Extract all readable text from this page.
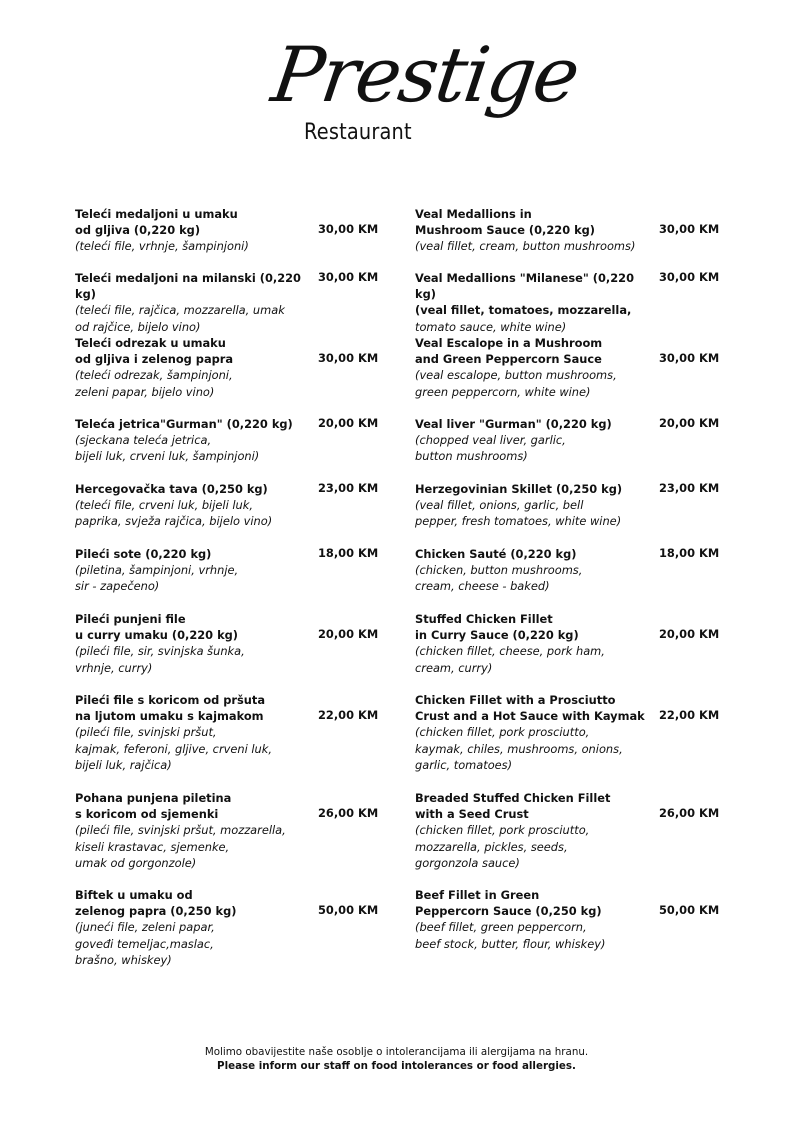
Prestige
Restaurant
Teleći medaljoni u umaku
od gljiva (0,220 kg)
(teleći file, vrhnje, šampinjoni)
30,00 KM
Teleći medaljoni na milanski (0,220 kg)
(teleći file, rajčica, mozzarella, umak
od rajčice, bijelo vino)
30,00 KM
Teleći odrezak u umaku
od gljiva i zelenog papra
(teleći odrezak, šampinjoni,
zeleni papar, bijelo vino)
30,00 KM
Teleća jetrica"Gurman" (0,220 kg)
(sjeckana teleća jetrica,
bijeli luk, crveni luk, šampinjoni)
20,00 KM
Hercegovačka tava (0,250 kg)
(teleći file, crveni luk, bijeli luk,
paprika, svježa rajčica, bijelo vino)
23,00 KM
Pileći sote (0,220 kg)
(piletina, šampinjoni, vrhnje,
sir - zapečeno)
18,00 KM
Pileći punjeni file
u curry umaku (0,220 kg)
(pileći file, sir, svinjska šunka,
vrhnje, curry)
20,00 KM
Pileći file s koricom od pršuta
na ljutom umaku s kajmakom
(pileći file, svinjski pršut,
kajmak, feferoni, gljive, crveni luk,
bijeli luk, rajčica)
22,00 KM
Pohana punjena piletina
s koricom od sjemenki
(pileći file, svinjski pršut, mozzarella,
kiseli krastavac, sjemenke,
umak od gorgonzole)
26,00 KM
Biftek u umaku od
zelenog papra (0,250 kg)
(juneći file, zeleni papar,
goveđi temeljac,maslac,
brašno, whiskey)
50,00 KM
Veal Medallions in
Mushroom Sauce (0,220 kg)
(veal fillet, cream, button mushrooms)
30,00 KM
Veal Medallions "Milanese" (0,220 kg)
(veal fillet, tomatoes, mozzarella,
tomato sauce, white wine)
30,00 KM
Veal Escalope in a Mushroom
and Green Peppercorn Sauce
(veal escalope, button mushrooms,
green peppercorn, white wine)
30,00 KM
Veal liver "Gurman" (0,220 kg)
(chopped veal liver, garlic,
button mushrooms)
20,00 KM
Herzegovinian Skillet (0,250 kg)
(veal fillet, onions, garlic, bell
pepper, fresh tomatoes, white wine)
23,00 KM
Chicken Sauté (0,220 kg)
(chicken, button mushrooms,
cream, cheese - baked)
18,00 KM
Stuffed Chicken Fillet
in Curry Sauce (0,220 kg)
(chicken fillet, cheese, pork ham,
cream, curry)
20,00 KM
Chicken Fillet with a Prosciutto
Crust and a Hot Sauce with Kaymak
(chicken fillet, pork prosciutto,
kaymak, chiles, mushrooms, onions,
garlic, tomatoes)
22,00 KM
Breaded Stuffed Chicken Fillet
with a Seed Crust
(chicken fillet, pork prosciutto,
mozzarella, pickles, seeds,
gorgonzola sauce)
26,00 KM
Beef Fillet in Green
Peppercorn Sauce (0,250 kg)
(beef fillet, green peppercorn,
beef stock, butter, flour, whiskey)
50,00 KM
Molimo obavijestite naše osoblje o intolerancijama ili alergijama na hranu.
Please inform our staff on food intolerances or food allergies.
